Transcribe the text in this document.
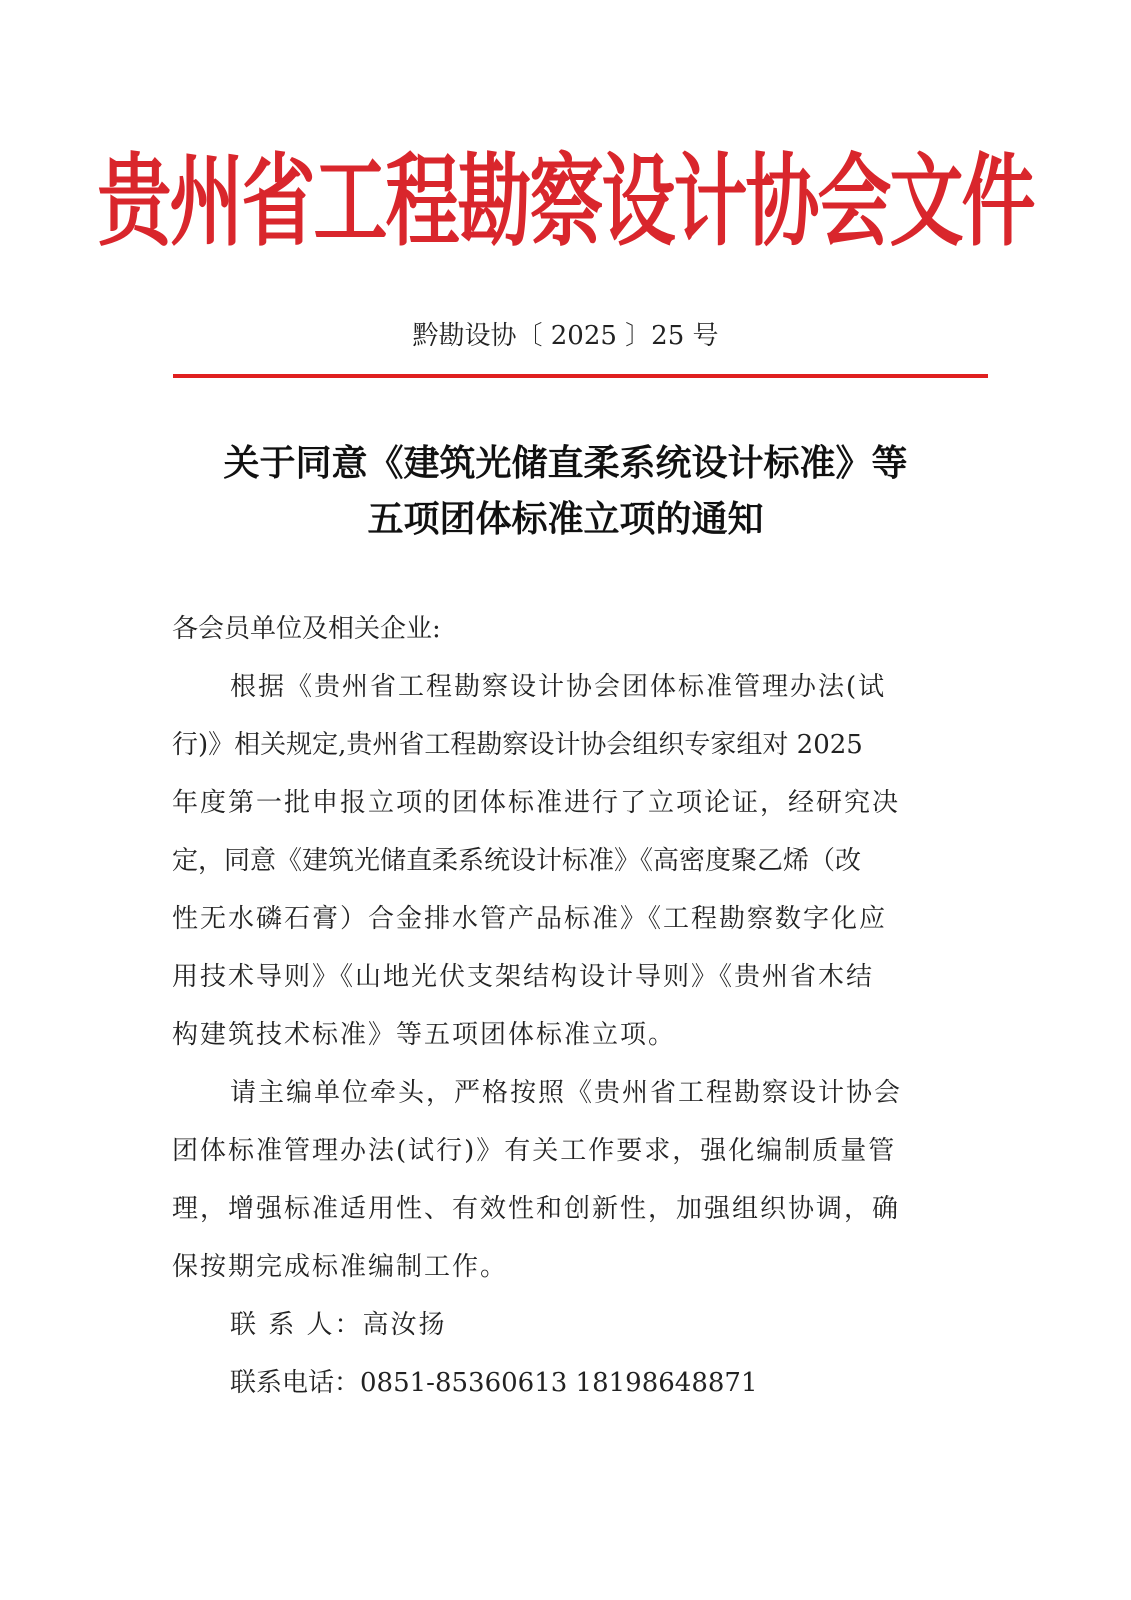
贵州省工程勘察设计协会文件
黔勘设协〔 2025 〕25 号
关于同意《建筑光储直柔系统设计标准》等
五项团体标准立项的通知
各会员单位及相关企业:
根据《贵州省工程勘察设计协会团体标准管理办法(试
行)》相关规定,贵州省工程勘察设计协会组织专家组对 2025
年度第一批申报立项的团体标准进行了立项论证，经研究决
定，同意《建筑光储直柔系统设计标准》《高密度聚乙烯（改
性无水磷石膏）合金排水管产品标准》《工程勘察数字化应
用技术导则》《山地光伏支架结构设计导则》《贵州省木结
构建筑技术标准》等五项团体标准立项。
请主编单位牵头，严格按照《贵州省工程勘察设计协会
团体标准管理办法(试行)》有关工作要求，强化编制质量管
理，增强标准适用性、有效性和创新性，加强组织协调，确
保按期完成标准编制工作。
联 系 人：高汝扬
联系电话：0851-85360613 18198648871
